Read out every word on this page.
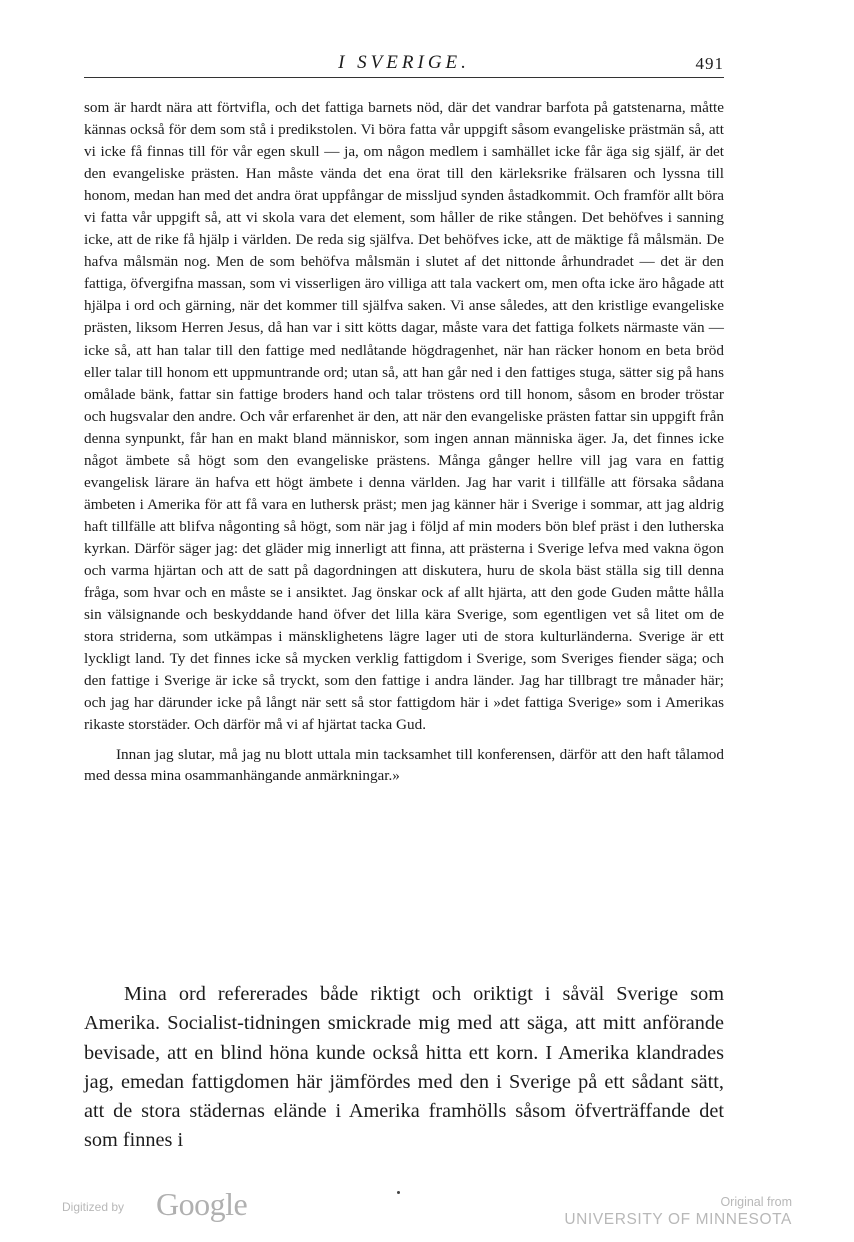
I SVERIGE.	491

som är hardt nära att förtvifla, och det fattiga barnets nöd, där det vandrar barfota på gatstenarna, måtte kännas också för dem som stå i predikstolen. Vi böra fatta vår uppgift såsom evangeliske prästmän så, att vi icke få finnas till för vår egen skull — ja, om någon medlem i samhället icke får äga sig själf, är det den evangeliske prästen. Han måste vända det ena örat till den kärleksrike frälsaren och lyssna till honom, medan han med det andra örat uppfångar de missljud synden åstadkommit. Och framför allt böra vi fatta vår uppgift så, att vi skola vara det element, som håller de rike stången. Det behöfves i sanning icke, att de rike få hjälp i världen. De reda sig själfva. Det behöfves icke, att de mäktige få målsmän. De hafva målsmän nog. Men de som behöfva målsmän i slutet af det nittonde århundradet — det är den fattiga, öfvergifna massan, som vi visserligen äro villiga att tala vackert om, men ofta icke äro hågade att hjälpa i ord och gärning, när det kommer till själfva saken. Vi anse således, att den kristlige evangeliske prästen, liksom Herren Jesus, då han var i sitt kötts dagar, måste vara det fattiga folkets närmaste vän — icke så, att han talar till den fattige med nedlåtande högdragenhet, när han räcker honom en beta bröd eller talar till honom ett uppmuntrande ord; utan så, att han går ned i den fattiges stuga, sätter sig på hans omålade bänk, fattar sin fattige broders hand och talar tröstens ord till honom, såsom en broder tröstar och hugsvalar den andre. Och vår erfarenhet är den, att när den evangeliske prästen fattar sin uppgift från denna synpunkt, får han en makt bland människor, som ingen annan människa äger. Ja, det finnes icke något ämbete så högt som den evangeliske prästens. Många gånger hellre vill jag vara en fattig evangelisk lärare än hafva ett högt ämbete i denna världen. Jag har varit i tillfälle att försaka sådana ämbeten i Amerika för att få vara en luthersk präst; men jag känner här i Sverige i sommar, att jag aldrig haft tillfälle att blifva någonting så högt, som när jag i följd af min moders bön blef präst i den lutherska kyrkan. Därför säger jag: det gläder mig innerligt att finna, att prästerna i Sverige lefva med vakna ögon och varma hjärtan och att de satt på dagordningen att diskutera, huru de skola bäst ställa sig till denna fråga, som hvar och en måste se i ansiktet. Jag önskar ock af allt hjärta, att den gode Guden måtte hålla sin välsignande och beskyddande hand öfver det lilla kära Sverige, som egentligen vet så litet om de stora striderna, som utkämpas i mänsklighetens lägre lager uti de stora kulturländerna. Sverige är ett lyckligt land. Ty det finnes icke så mycken verklig fattigdom i Sverige, som Sveriges fiender säga; och den fattige i Sverige är icke så tryckt, som den fattige i andra länder. Jag har tillbragt tre månader här; och jag har därunder icke på långt när sett så stor fattigdom här i »det fattiga Sverige» som i Amerikas rikaste storstäder. Och därför må vi af hjärtat tacka Gud.

Innan jag slutar, må jag nu blott uttala min tacksamhet till konferensen, därför att den haft tålamod med dessa mina osammanhängande anmärkningar.»

Mina ord refererades både riktigt och oriktigt i såväl Sverige som Amerika. Socialist-tidningen smickrade mig med att säga, att mitt anförande bevisade, att en blind höna kunde också hitta ett korn. I Amerika klandrades jag, emedan fattigdomen här jämfördes med den i Sverige på ett sådant sätt, att de stora städernas elände i Amerika framhölls såsom öfverträffande det som finnes i

Digitized by Google	Original from
UNIVERSITY OF MINNESOTA
